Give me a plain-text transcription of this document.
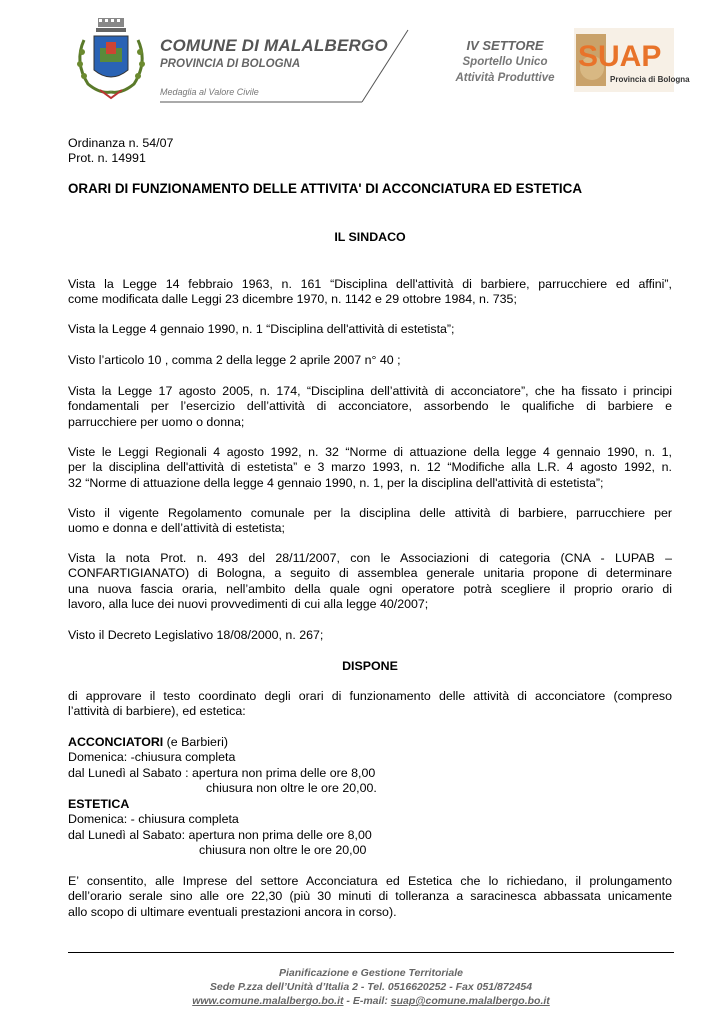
COMUNE DI MALALBERGO
PROVINCIA DI BOLOGNA
Medaglia al Valore Civile
IV SETTORE
Sportello Unico
Attività Produttive
SUAP
Provincia di Bologna
Ordinanza n. 54/07
Prot. n. 14991
ORARI DI FUNZIONAMENTO DELLE ATTIVITA' DI ACCONCIATURA ED ESTETICA
IL SINDACO
Vista la Legge 14 febbraio 1963, n. 161 “Disciplina dell'attività di barbiere, parrucchiere ed affini”,
come modificata dalle Leggi 23 dicembre 1970, n. 1142 e 29 ottobre 1984, n. 735;
Vista la Legge 4 gennaio 1990, n. 1 “Disciplina dell'attività di estetista”;
Visto l’articolo 10 , comma 2 della legge 2 aprile 2007 n° 40 ;
Vista la Legge 17 agosto 2005, n. 174, “Disciplina dell’attività di acconciatore”, che ha fissato i principi
fondamentali per l’esercizio dell’attività di acconciatore, assorbendo le qualifiche di barbiere e
parrucchiere per uomo o donna;
Viste le Leggi Regionali 4 agosto 1992, n. 32 “Norme di attuazione della legge 4 gennaio 1990, n. 1,
per la disciplina dell'attività di estetista” e 3 marzo 1993, n. 12 “Modifiche alla L.R. 4 agosto 1992, n.
32 “Norme di attuazione della legge 4 gennaio 1990, n. 1, per la disciplina dell'attività di estetista”;
Visto il vigente Regolamento comunale per la disciplina delle attività di barbiere, parrucchiere per
uomo e donna e dell’attività di estetista;
Vista la nota Prot. n. 493 del 28/11/2007, con le Associazioni di categoria (CNA - LUPAB –
CONFARTIGIANATO) di Bologna, a seguito di assemblea generale unitaria propone di determinare
una nuova fascia oraria, nell’ambito della quale ogni operatore potrà scegliere il proprio orario di
lavoro, alla luce dei nuovi provvedimenti di cui alla legge 40/2007;
Visto il Decreto Legislativo 18/08/2000, n. 267;
DISPONE
di approvare il testo coordinato degli orari di funzionamento delle attività di acconciatore (compreso
l’attività di barbiere), ed estetica:
ACCONCIATORI (e Barbieri)
Domenica: -chiusura completa
dal Lunedì al Sabato : apertura non prima delle ore 8,00
chiusura non oltre le ore 20,00.
ESTETICA
Domenica: - chiusura completa
dal Lunedì al Sabato: apertura non prima delle ore 8,00
chiusura non oltre le ore 20,00
E’ consentito, alle Imprese del settore Acconciatura ed Estetica che lo richiedano, il prolungamento
dell’orario serale sino alle ore 22,30 (più 30 minuti di tolleranza a saracinesca abbassata unicamente
allo scopo di ultimare eventuali prestazioni ancora in corso).
Pianificazione e Gestione Territoriale
Sede P.zza dell’Unità d’Italia 2 - Tel. 0516620252 - Fax 051/872454
www.comune.malalbergo.bo.it - E-mail: suap@comune.malalbergo.bo.it
